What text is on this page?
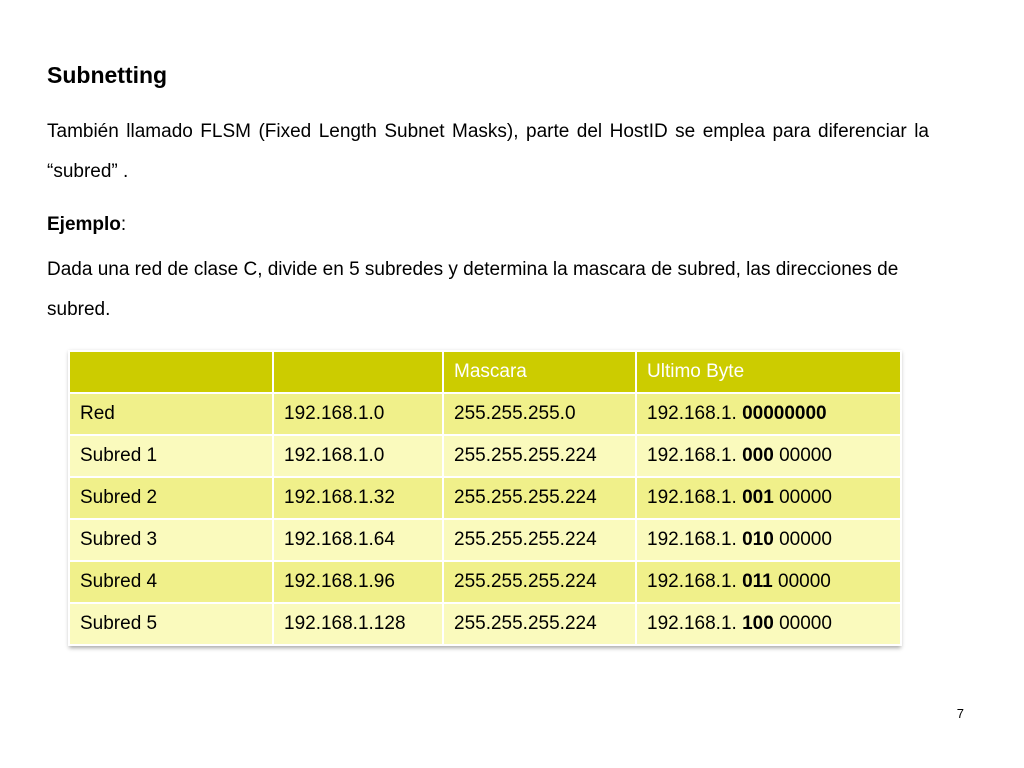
Subnetting

También llamado FLSM (Fixed Length Subnet Masks), parte del HostID se emplea para diferenciar la “subred” .

Ejemplo:

Dada una red de clase C, divide en 5 subredes y determina la mascara de subred, las direcciones de subred.

		Mascara	Ultimo Byte
Red	192.168.1.0	255.255.255.0	192.168.1. 00000000
Subred 1	192.168.1.0	255.255.255.224	192.168.1. 000 00000
Subred 2	192.168.1.32	255.255.255.224	192.168.1. 001 00000
Subred 3	192.168.1.64	255.255.255.224	192.168.1. 010 00000
Subred 4	192.168.1.96	255.255.255.224	192.168.1. 011 00000
Subred 5	192.168.1.128	255.255.255.224	192.168.1. 100 00000
7
